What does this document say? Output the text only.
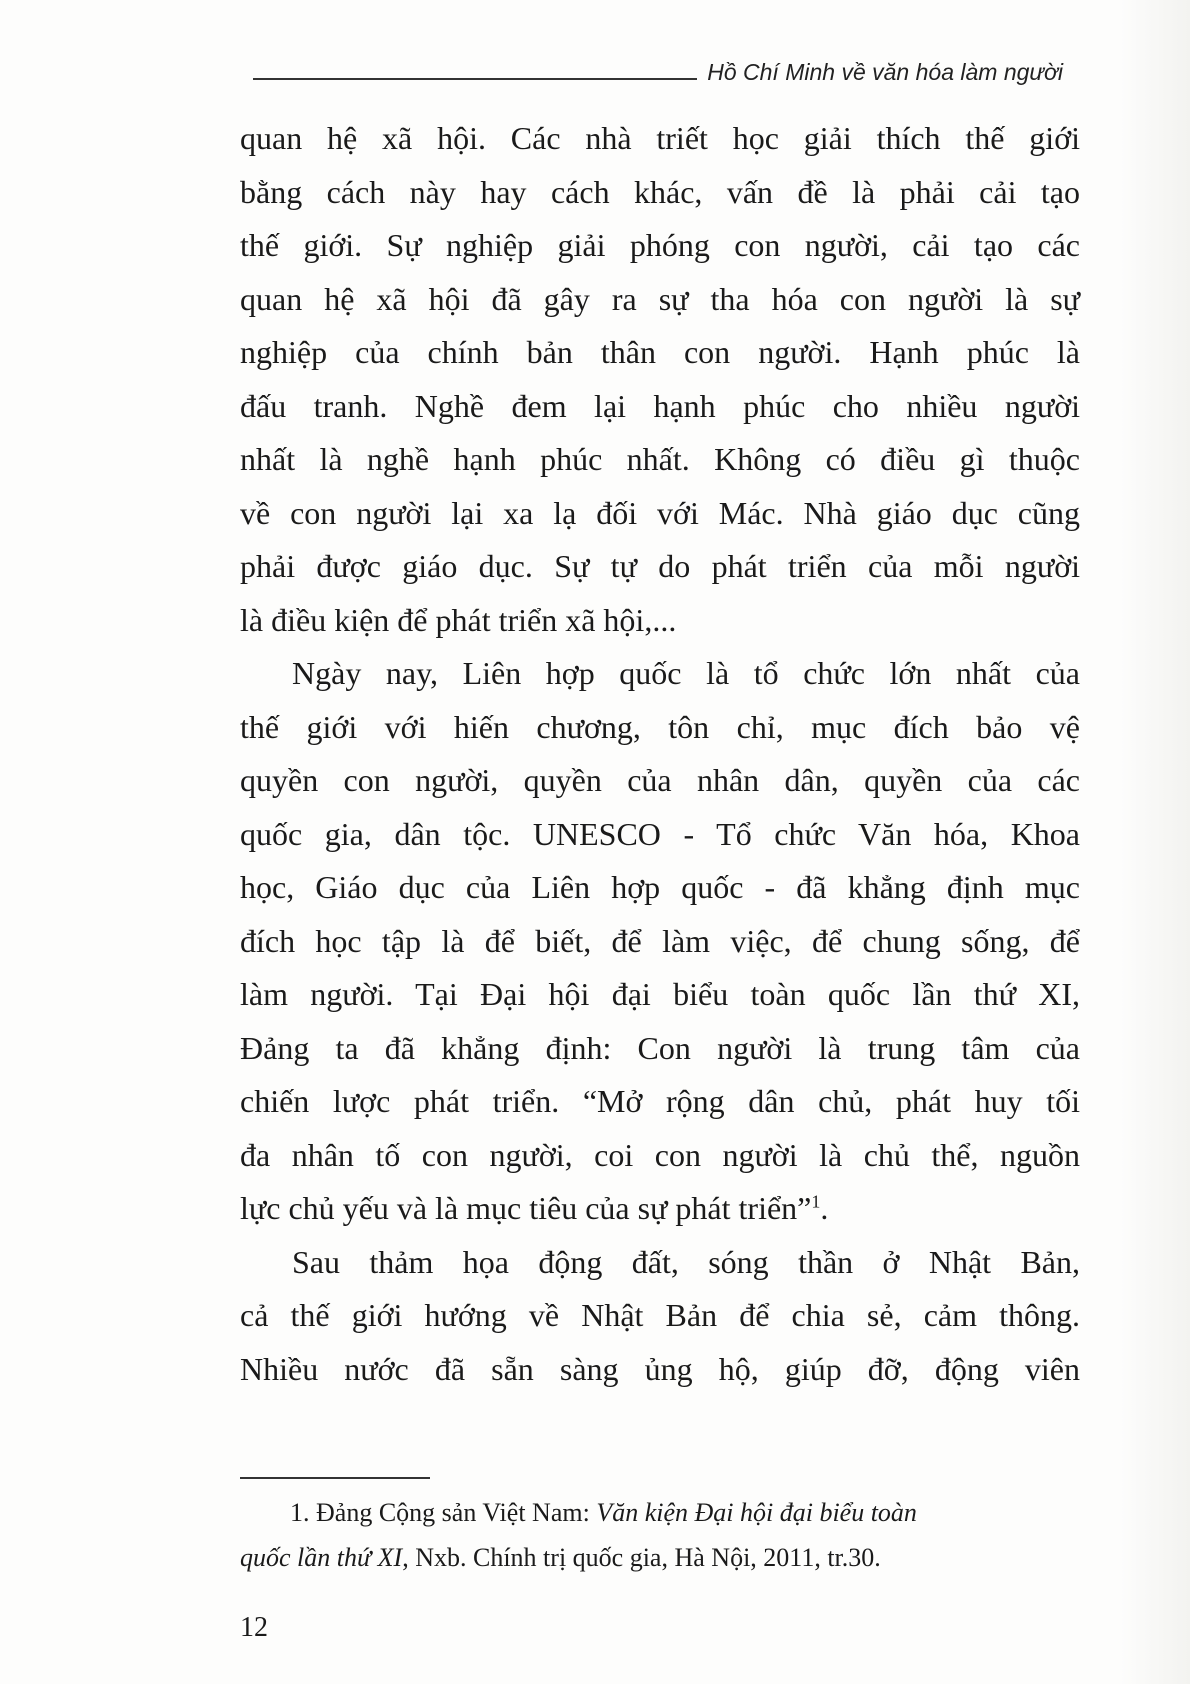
Hồ Chí Minh về văn hóa làm người
quan hệ xã hội. Các nhà triết học giải thích thế giới
bằng cách này hay cách khác, vấn đề là phải cải tạo
thế giới. Sự nghiệp giải phóng con người, cải tạo các
quan hệ xã hội đã gây ra sự tha hóa con người là sự
nghiệp của chính bản thân con người. Hạnh phúc là
đấu tranh. Nghề đem lại hạnh phúc cho nhiều người
nhất là nghề hạnh phúc nhất. Không có điều gì thuộc
về con người lại xa lạ đối với Mác. Nhà giáo dục cũng
phải được giáo dục. Sự tự do phát triển của mỗi người
là điều kiện để phát triển xã hội,...
Ngày nay, Liên hợp quốc là tổ chức lớn nhất của
thế giới với hiến chương, tôn chỉ, mục đích bảo vệ
quyền con người, quyền của nhân dân, quyền của các
quốc gia, dân tộc. UNESCO - Tổ chức Văn hóa, Khoa
học, Giáo dục của Liên hợp quốc - đã khẳng định mục
đích học tập là để biết, để làm việc, để chung sống, để
làm người. Tại Đại hội đại biểu toàn quốc lần thứ XI,
Đảng ta đã khẳng định: Con người là trung tâm của
chiến lược phát triển. “Mở rộng dân chủ, phát huy tối
đa nhân tố con người, coi con người là chủ thể, nguồn
lực chủ yếu và là mục tiêu của sự phát triển”$^1$.
Sau thảm họa động đất, sóng thần ở Nhật Bản,
cả thế giới hướng về Nhật Bản để chia sẻ, cảm thông.
Nhiều nước đã sẵn sàng ủng hộ, giúp đỡ, động viên
1. Đảng Cộng sản Việt Nam: Văn kiện Đại hội đại biểu toàn
quốc lần thứ XI, Nxb. Chính trị quốc gia, Hà Nội, 2011, tr.30.
12
